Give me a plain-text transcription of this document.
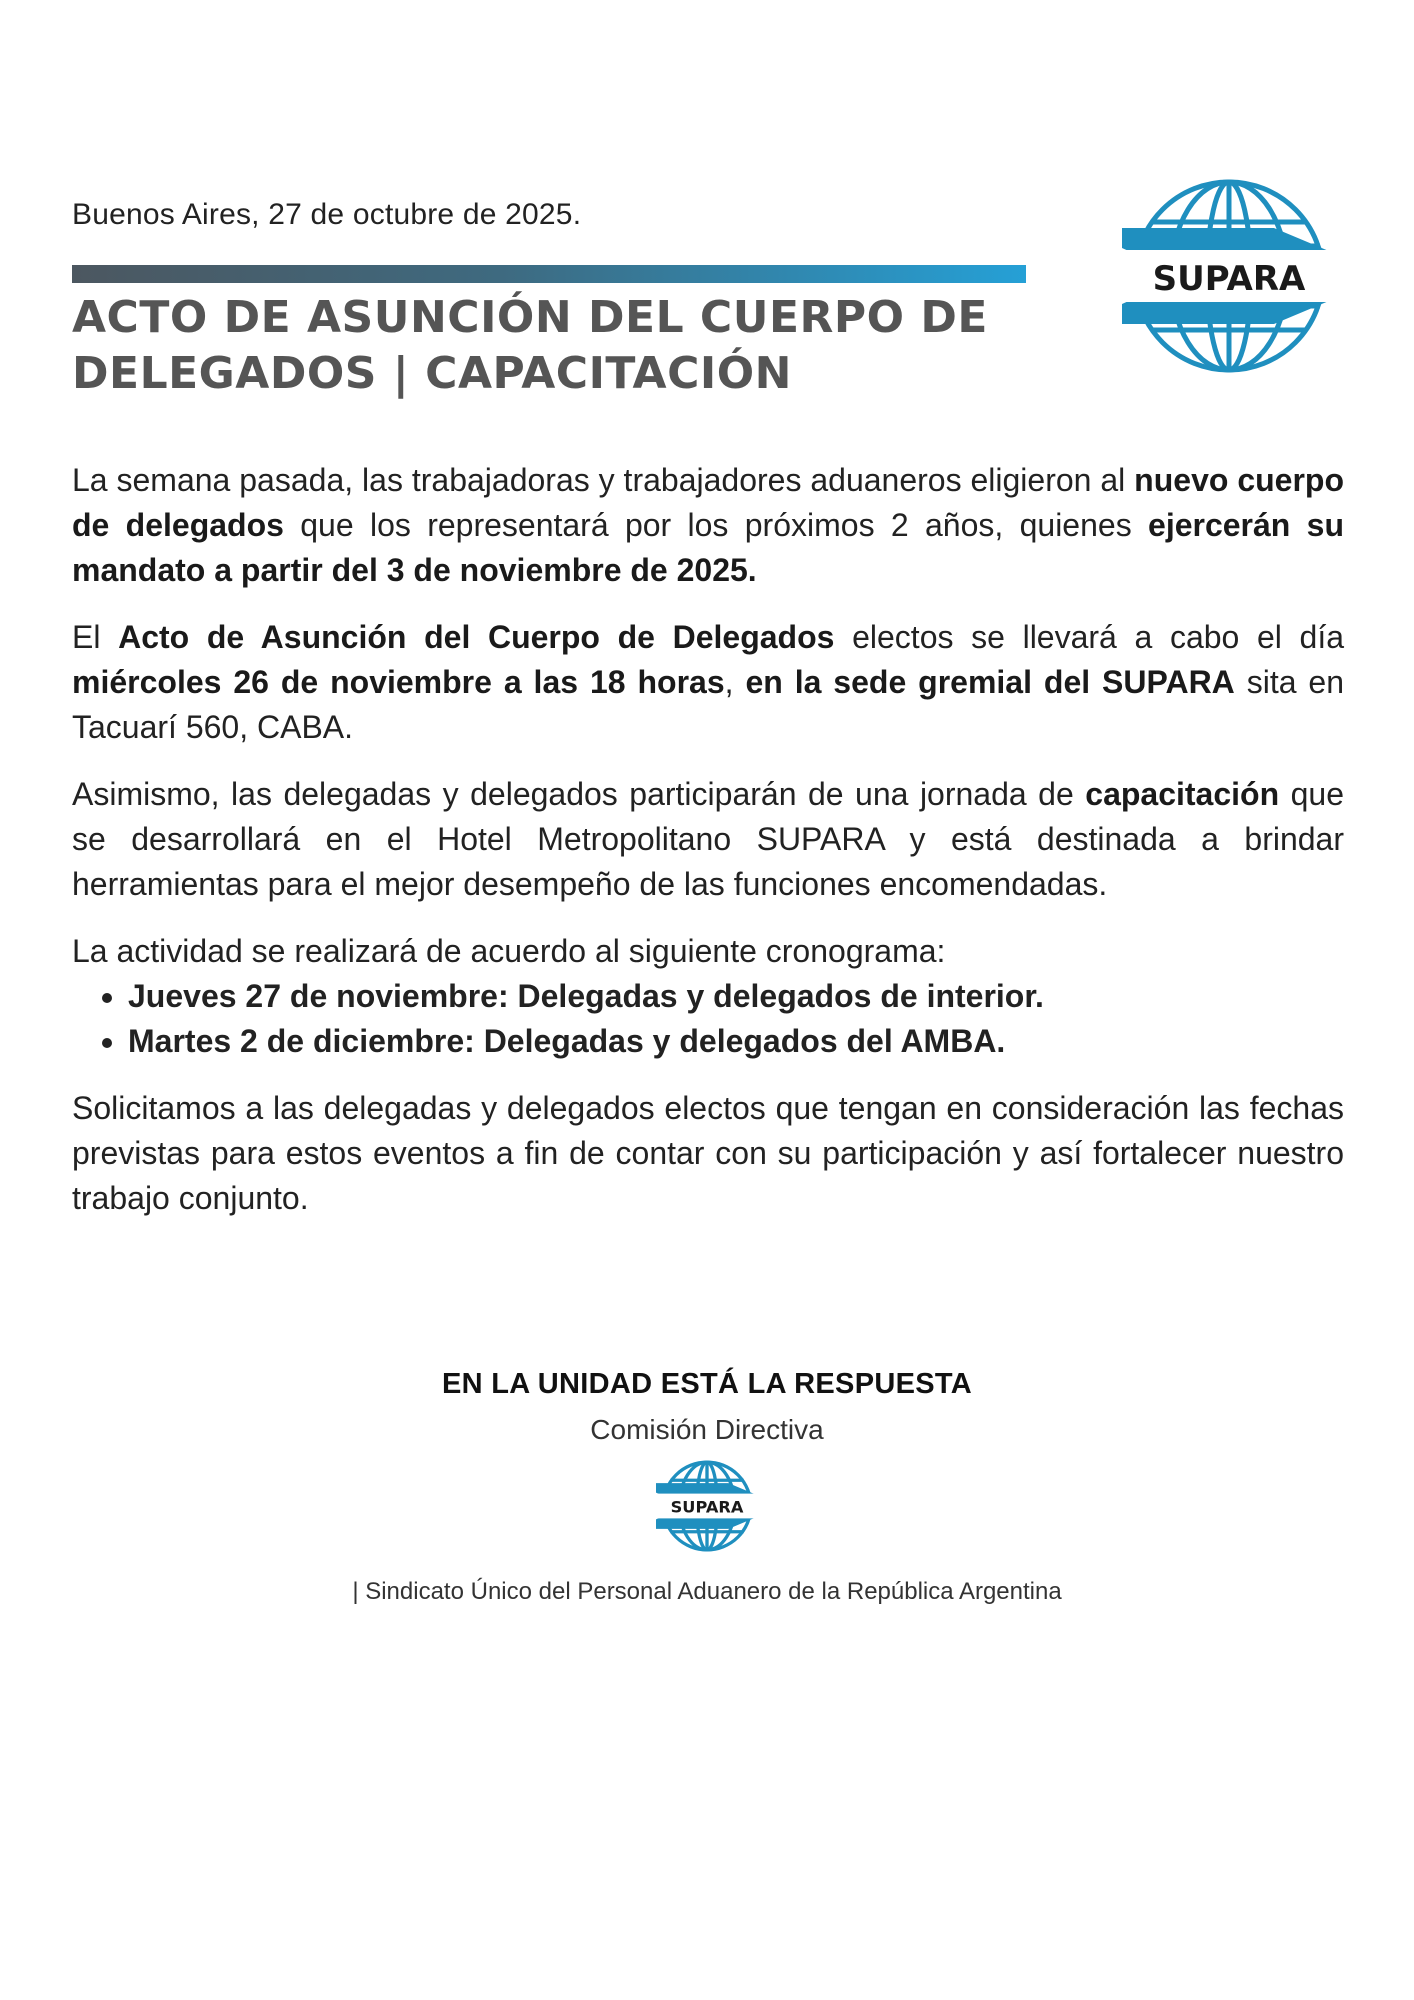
Buenos Aires, 27 de octubre de 2025.
ACTO DE ASUNCIÓN DEL CUERPO DE
DELEGADOS | CAPACITACIÓN
SUPARA

La semana pasada, las trabajadoras y trabajadores aduaneros eligieron al nuevo cuerpo de delegados que los representará por los próximos 2 años, quienes ejercerán su mandato a partir del 3 de noviembre de 2025.

El Acto de Asunción del Cuerpo de Delegados electos se llevará a cabo el día miércoles 26 de noviembre a las 18 horas, en la sede gremial del SUPARA sita en Tacuarí 560, CABA.

Asimismo, las delegadas y delegados participarán de una jornada de capacitación que se desarrollará en el Hotel Metropolitano SUPARA y está destinada a brindar herramientas para el mejor desempeño de las funciones encomendadas.

La actividad se realizará de acuerdo al siguiente cronograma:

• Jueves 27 de noviembre: Delegadas y delegados de interior.
• Martes 2 de diciembre: Delegadas y delegados del AMBA.

Solicitamos a las delegadas y delegados electos que tengan en consideración las fechas previstas para estos eventos a fin de contar con su participación y así fortalecer nuestro trabajo conjunto.

EN LA UNIDAD ESTÁ LA RESPUESTA
Comisión Directiva
SUPARA
| Sindicato Único del Personal Aduanero de la República Argentina
